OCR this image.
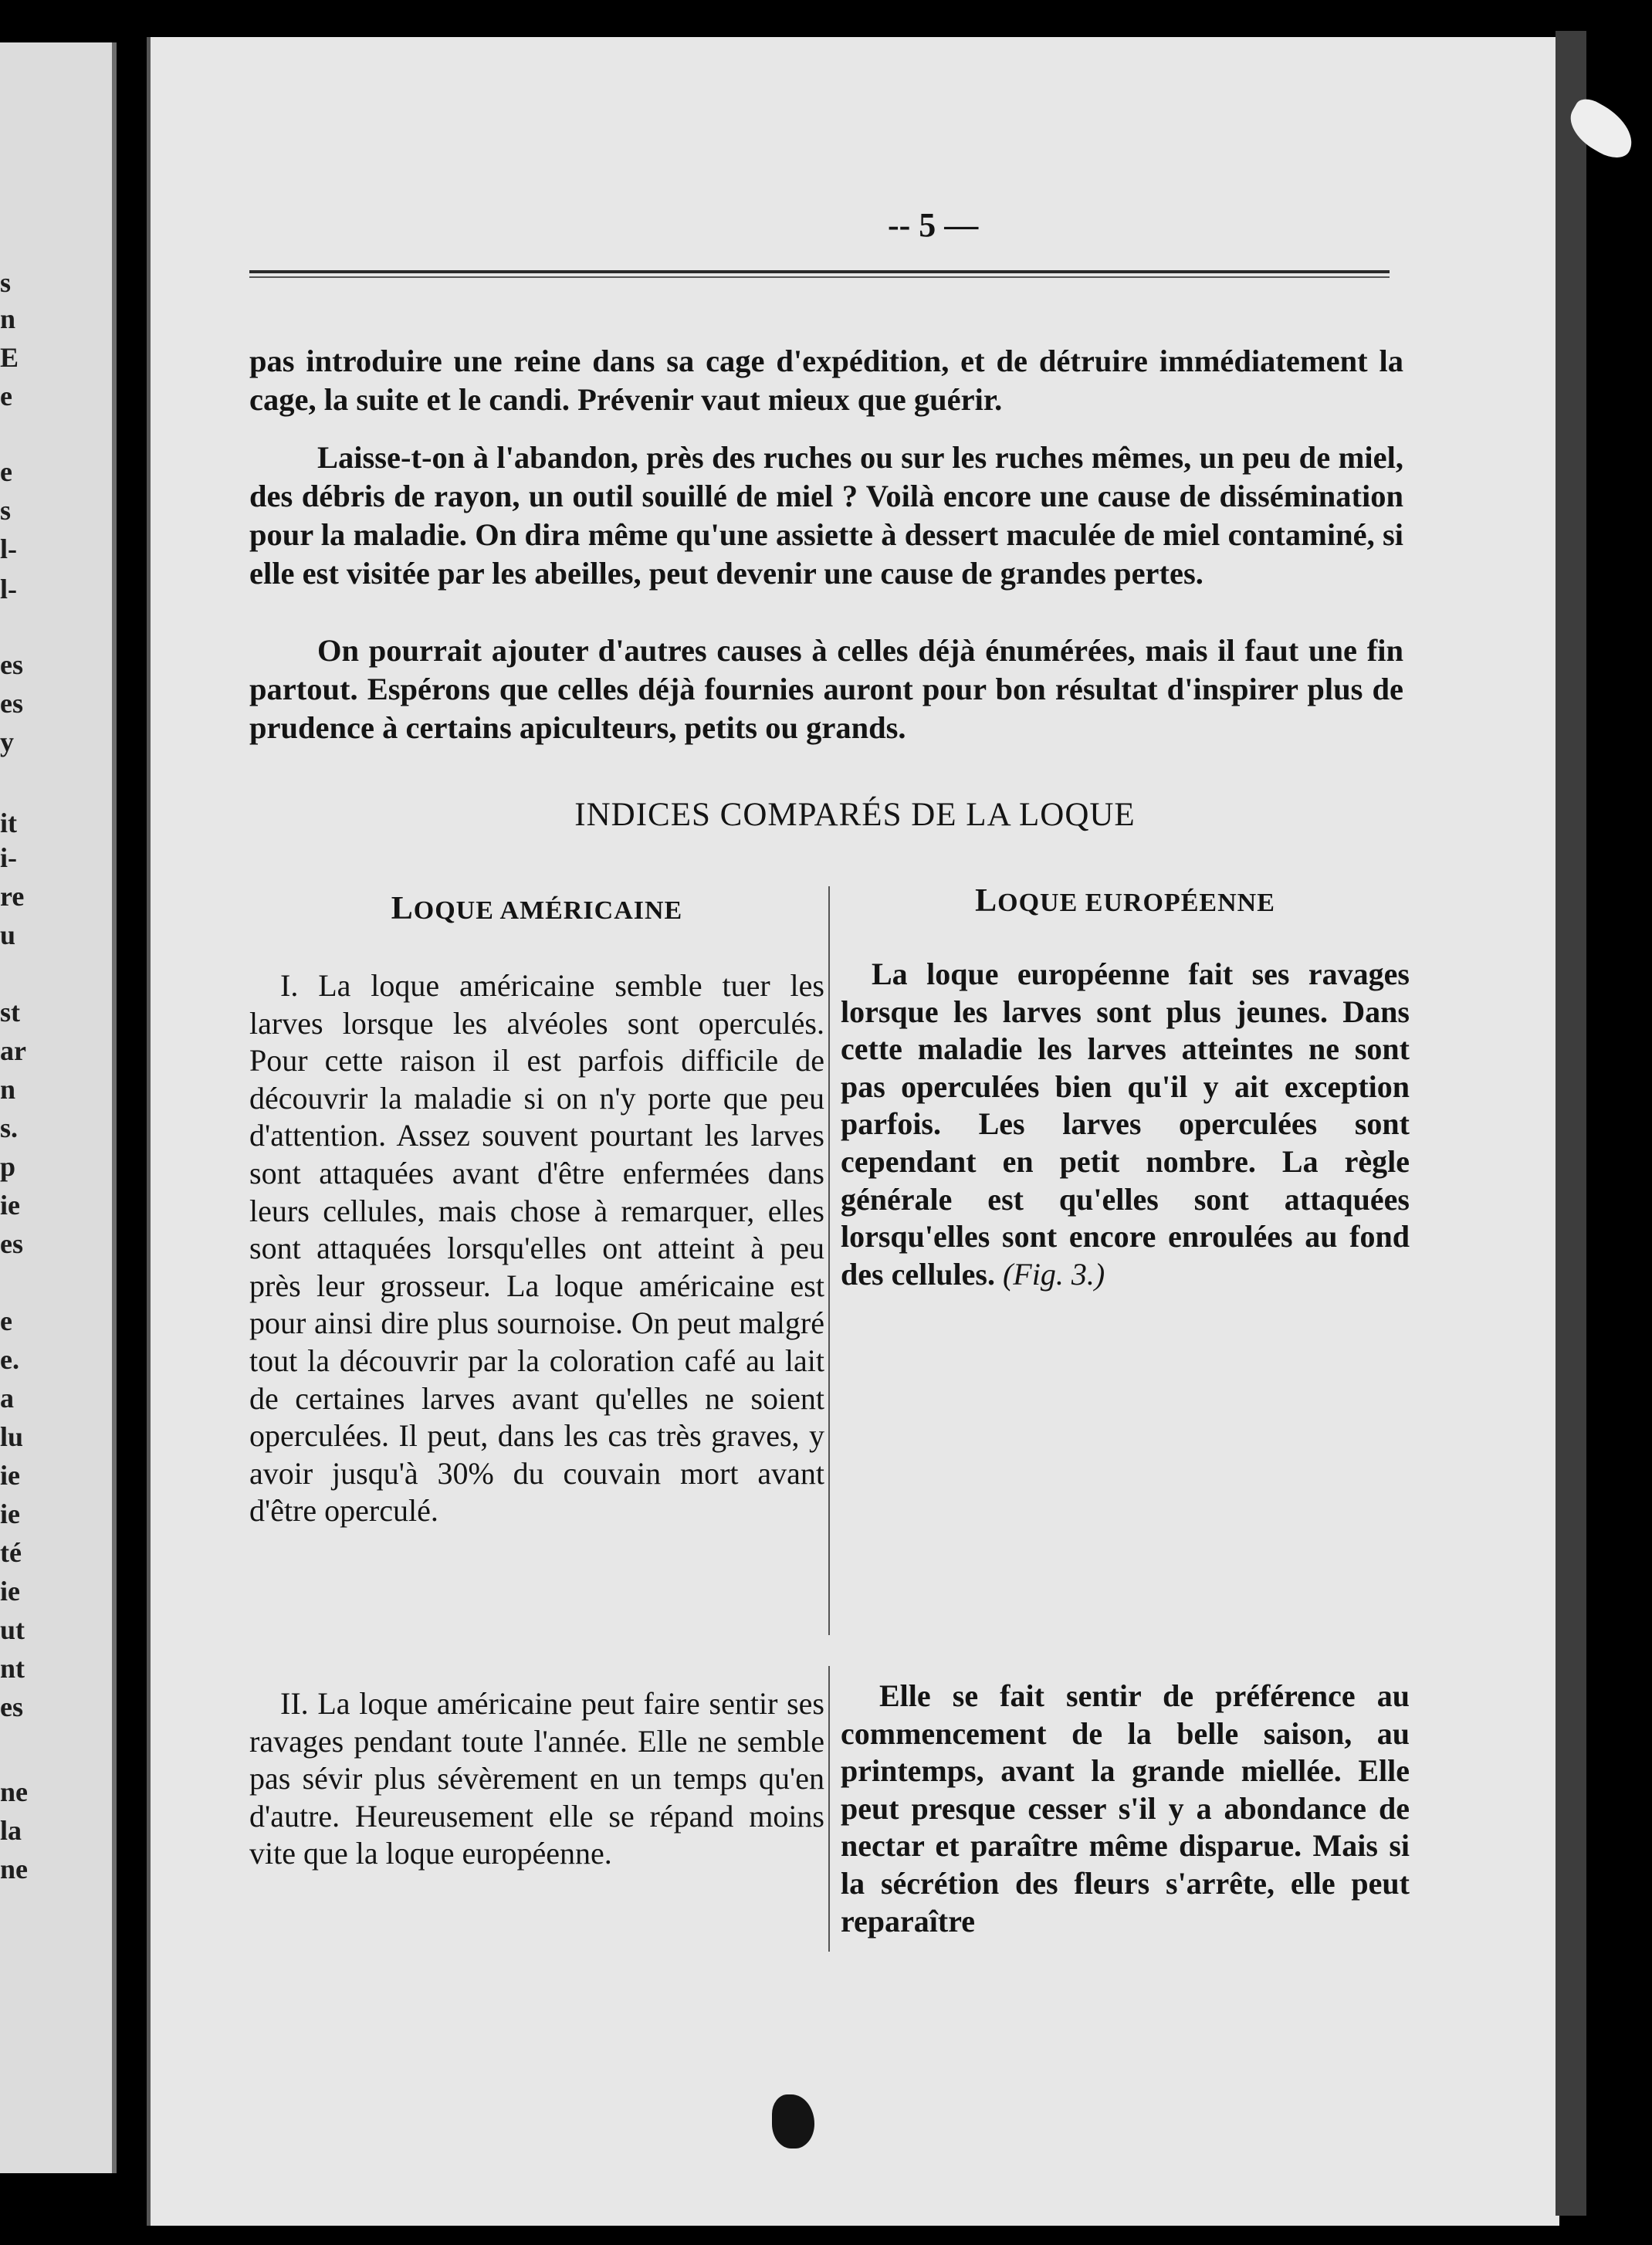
s
n
E
e
e
s
l-
l-
es
es
y
it
i-
re
u
st
ar
n
s.
p
ie
es
e
e.
a
lu
ie
ie
té
ie
ut
nt
es
ne
la
ne
-- 5 —

pas introduire une reine dans sa cage d'expédition, et de détruire immédiatement la cage, la suite et le candi. Prévenir vaut mieux que guérir.

Laisse-t-on à l'abandon, près des ruches ou sur les ruches mêmes, un peu de miel, des débris de rayon, un outil souillé de miel ? Voilà encore une cause de dissémination pour la maladie. On dira même qu'une assiette à dessert maculée de miel contaminé, si elle est visitée par les abeilles, peut devenir une cause de grandes pertes.

On pourrait ajouter d'autres causes à celles déjà énumérées, mais il faut une fin partout. Espérons que celles déjà fournies auront pour bon résultat d'inspirer plus de prudence à certains apiculteurs, petits ou grands.

INDICES COMPARÉS DE LA LOQUE
LOQUE AMÉRICAINE	LOQUE EUROPÉENNE

I. La loque américaine semble tuer les larves lorsque les alvéoles sont operculés. Pour cette raison il est parfois difficile de découvrir la maladie si on n'y porte que peu d'attention. Assez souvent pourtant les larves sont attaquées avant d'être enfermées dans leurs cellules, mais chose à remarquer, elles sont attaquées lorsqu'elles ont atteint à peu près leur grosseur. La loque américaine est pour ainsi dire plus sournoise. On peut malgré tout la découvrir par la coloration café au lait de certaines larves avant qu'elles ne soient operculées. Il peut, dans les cas très graves, y avoir jusqu'à 30% du couvain mort avant d'être operculé.

La loque européenne fait ses ravages lorsque les larves sont plus jeunes. Dans cette maladie les larves atteintes ne sont pas operculées bien qu'il y ait exception parfois. Les larves operculées sont cependant en petit nombre. La règle générale est qu'elles sont attaquées lorsqu'elles sont encore enroulées au fond des cellules. (Fig. 3.)

II. La loque américaine peut faire sentir ses ravages pendant toute l'année. Elle ne semble pas sévir plus sévèrement en un temps qu'en d'autre. Heureusement elle se répand moins vite que la loque européenne.

Elle se fait sentir de préférence au commencement de la belle saison, au printemps, avant la grande miellée. Elle peut presque cesser s'il y a abondance de nectar et paraître même disparue. Mais si la sécrétion des fleurs s'arrête, elle peut reparaître
